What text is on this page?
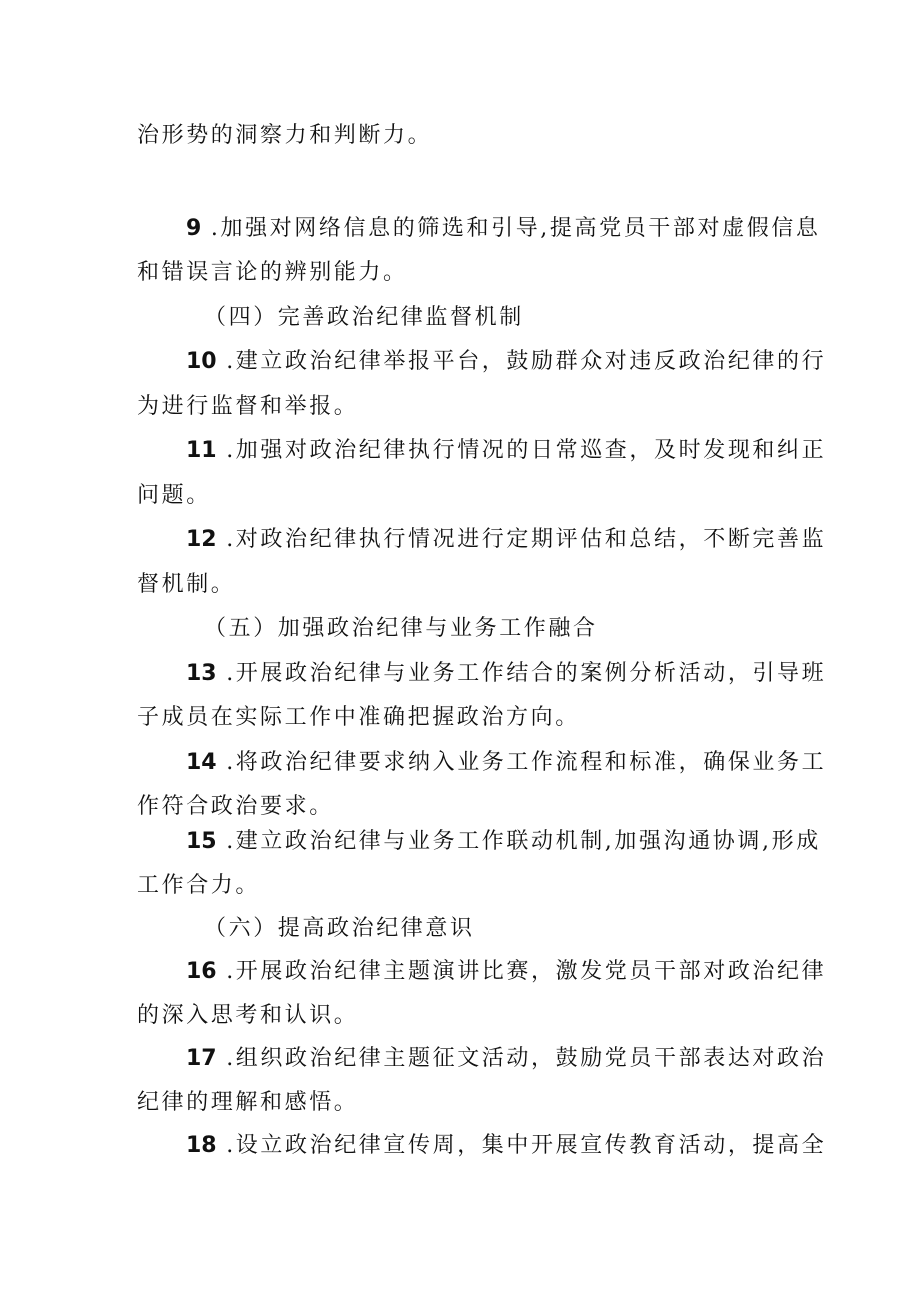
治形势的洞察力和判断力。
9 .加强对网络信息的筛选和引导,提高党员干部对虚假信息
和错误言论的辨别能力。
（四）完善政治纪律监督机制
10 .建立政治纪律举报平台，鼓励群众对违反政治纪律的行
为进行监督和举报。
11 .加强对政治纪律执行情况的日常巡查，及时发现和纠正
问题。
12 .对政治纪律执行情况进行定期评估和总结，不断完善监
督机制。
（五）加强政治纪律与业务工作融合
13 .开展政治纪律与业务工作结合的案例分析活动，引导班
子成员在实际工作中准确把握政治方向。
14 .将政治纪律要求纳入业务工作流程和标准，确保业务工
作符合政治要求。
15 .建立政治纪律与业务工作联动机制,加强沟通协调,形成
工作合力。
（六）提高政治纪律意识
16 .开展政治纪律主题演讲比赛，激发党员干部对政治纪律
的深入思考和认识。
17 .组织政治纪律主题征文活动，鼓励党员干部表达对政治
纪律的理解和感悟。
18 .设立政治纪律宣传周，集中开展宣传教育活动，提高全
